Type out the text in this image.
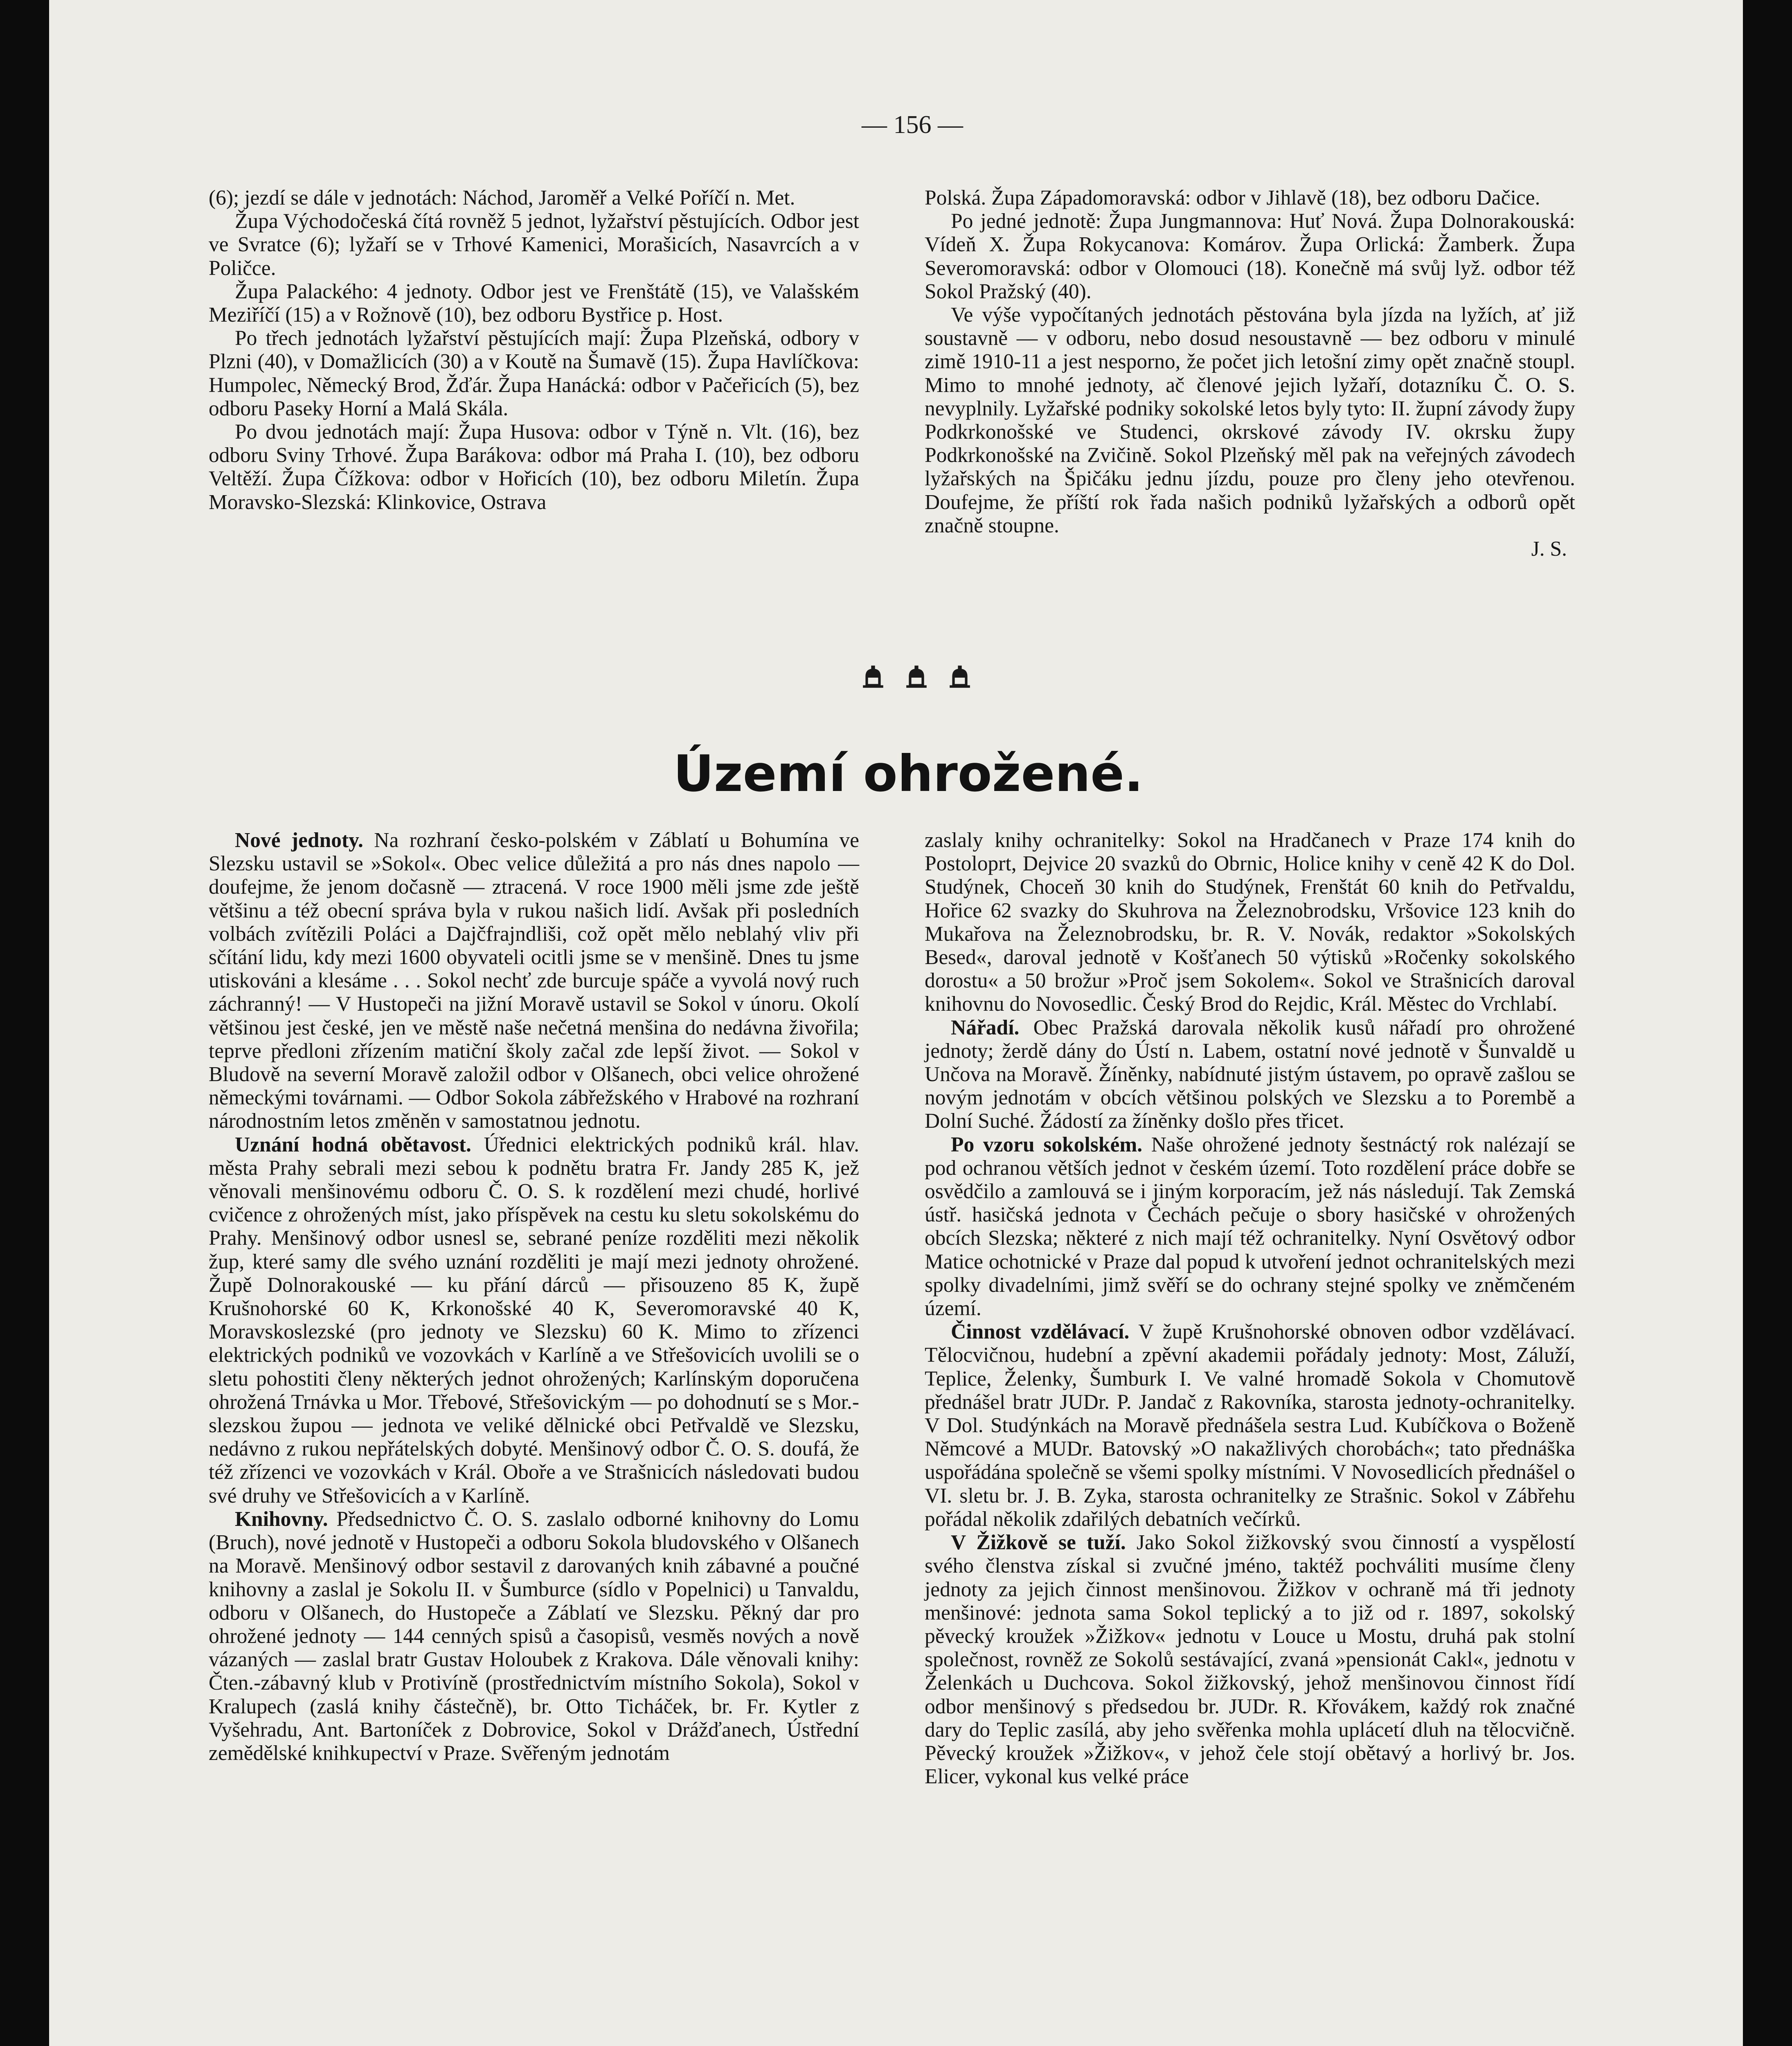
— 156 —

(6); jezdí se dále v jednotách: Náchod, Jaroměř a Velké Poříčí n. Met.

Župa Východočeská čítá rovněž 5 jednot, lyžařství pěstujících. Odbor jest ve Svratce (6); lyžaří se v Trhové Kamenici, Morašicích, Nasavrcích a v Poličce.

Župa Palackého: 4 jednoty. Odbor jest ve Frenštátě (15), ve Valašském Meziříčí (15) a v Rožnově (10), bez odboru Bystřice p. Host.

Po třech jednotách lyžařství pěstujících mají: Župa Plzeňská, odbory v Plzni (40), v Domažlicích (30) a v Koutě na Šumavě (15). Župa Havlíčkova: Humpolec, Německý Brod, Žďár. Župa Hanácká: odbor v Pačeřicích (5), bez odboru Paseky Horní a Malá Skála.

Po dvou jednotách mají: Župa Husova: odbor v Týně n. Vlt. (16), bez odboru Sviny Trhové. Župa Barákova: odbor má Praha I. (10), bez odboru Veltěží. Župa Čížkova: odbor v Hořicích (10), bez odboru Miletín. Župa Moravsko-Slezská: Klinkovice, Ostrava

Polská. Župa Západomoravská: odbor v Jihlavě (18), bez odboru Dačice.

Po jedné jednotě: Župa Jungmannova: Huť Nová. Župa Dolnorakouská: Vídeň X. Župa Rokycanova: Komárov. Župa Orlická: Žamberk. Župa Severomoravská: odbor v Olomouci (18). Konečně má svůj lyž. odbor též Sokol Pražský (40).

Ve výše vypočítaných jednotách pěstována byla jízda na lyžích, ať již soustavně — v odboru, nebo dosud nesoustavně — bez odboru v minulé zimě 1910-11 a jest nesporno, že počet jich letošní zimy opět značně stoupl. Mimo to mnohé jednoty, ač členové jejich lyžaří, dotazníku Č. O. S. nevyplnily. Lyžařské podniky sokolské letos byly tyto: II. župní závody župy Podkrkonošské ve Studenci, okrskové závody IV. okrsku župy Podkrkonošské na Zvičině. Sokol Plzeňský měl pak na veřejných závodech lyžařských na Špičáku jednu jízdu, pouze pro členy jeho otevřenou. Doufejme, že příští rok řada našich podniků lyžařských a odborů opět značně stoupne.

J. S.
Území ohrožené.

Nové jednoty. Na rozhraní česko-polském v Záblatí u Bohumína ve Slezsku ustavil se »Sokol«. Obec velice důležitá a pro nás dnes napolo — doufejme, že jenom dočasně — ztracená. V roce 1900 měli jsme zde ještě většinu a též obecní správa byla v rukou našich lidí. Avšak při posledních volbách zvítězili Poláci a Dajčfrajndliši, což opět mělo neblahý vliv při sčítání lidu, kdy mezi 1600 obyvateli ocitli jsme se v menšině. Dnes tu jsme utiskováni a klesáme . . . Sokol nechť zde burcuje spáče a vyvolá nový ruch záchranný! — V Hustopeči na jižní Moravě ustavil se Sokol v únoru. Okolí většinou jest české, jen ve městě naše nečetná menšina do nedávna živořila; teprve předloni zřízením matiční školy začal zde lepší život. — Sokol v Bludově na severní Moravě založil odbor v Olšanech, obci velice ohrožené německými továrnami. — Odbor Sokola zábřežského v Hrabové na rozhraní národnostním letos změněn v samostatnou jednotu.

Uznání hodná obětavost. Úřednici elektrických podniků král. hlav. města Prahy sebrali mezi sebou k podnětu bratra Fr. Jandy 285 K, jež věnovali menšinovému odboru Č. O. S. k rozdělení mezi chudé, horlivé cvičence z ohrožených míst, jako příspěvek na cestu ku sletu sokolskému do Prahy. Menšinový odbor usnesl se, sebrané peníze rozděliti mezi několik žup, které samy dle svého uznání rozděliti je mají mezi jednoty ohrožené. Župě Dolnorakouské — ku přání dárců — přisouzeno 85 K, župě Krušnohorské 60 K, Krkonošské 40 K, Severomoravské 40 K, Moravskoslezské (pro jednoty ve Slezsku) 60 K. Mimo to zřízenci elektrických podniků ve vozovkách v Karlíně a ve Střešovicích uvolili se o sletu pohostiti členy některých jednot ohrožených; Karlínským doporučena ohrožená Trnávka u Mor. Třebové, Střešovickým — po dohodnutí se s Mor.-slezskou župou — jednota ve veliké dělnické obci Petřvaldě ve Slezsku, nedávno z rukou nepřátelských dobyté. Menšinový odbor Č. O. S. doufá, že též zřízenci ve vozovkách v Král. Oboře a ve Strašnicích následovati budou své druhy ve Střešovicích a v Karlíně.

Knihovny. Předsednictvo Č. O. S. zaslalo odborné knihovny do Lomu (Bruch), nové jednotě v Hustopeči a odboru Sokola bludovského v Olšanech na Moravě. Menšinový odbor sestavil z darovaných knih zábavné a poučné knihovny a zaslal je Sokolu II. v Šumburce (sídlo v Popelnici) u Tanvaldu, odboru v Olšanech, do Hustopeče a Záblatí ve Slezsku. Pěkný dar pro ohrožené jednoty — 144 cenných spisů a časopisů, vesměs nových a nově vázaných — zaslal bratr Gustav Holoubek z Krakova. Dále věnovali knihy: Čten.-zábavný klub v Protivíně (prostřednictvím místního Sokola), Sokol v Kralupech (zaslá knihy částečně), br. Otto Ticháček, br. Fr. Kytler z Vyšehradu, Ant. Bartoníček z Dobrovice, Sokol v Drážďanech, Ústřední zemědělské knihkupectví v Praze. Svěřeným jednotám

zaslaly knihy ochranitelky: Sokol na Hradčanech v Praze 174 knih do Postoloprt, Dejvice 20 svazků do Obrnic, Holice knihy v ceně 42 K do Dol. Studýnek, Choceň 30 knih do Studýnek, Frenštát 60 knih do Petřvaldu, Hořice 62 svazky do Skuhrova na Železnobrodsku, Vršovice 123 knih do Mukařova na Železnobrodsku, br. R. V. Novák, redaktor »Sokolských Besed«, daroval jednotě v Košťanech 50 výtisků »Ročenky sokolského dorostu« a 50 brožur »Proč jsem Sokolem«. Sokol ve Strašnicích daroval knihovnu do Novosedlic. Český Brod do Rejdic, Král. Městec do Vrchlabí.

Nářadí. Obec Pražská darovala několik kusů nářadí pro ohrožené jednoty; žerdě dány do Ústí n. Labem, ostatní nové jednotě v Šunvaldě u Unčova na Moravě. Žíněnky, nabídnuté jistým ústavem, po opravě zašlou se novým jednotám v obcích většinou polských ve Slezsku a to Porembě a Dolní Suché. Žádostí za žíněnky došlo přes třicet.

Po vzoru sokolském. Naše ohrožené jednoty šestnáctý rok nalézají se pod ochranou větších jednot v českém území. Toto rozdělení práce dobře se osvědčilo a zamlouvá se i jiným korporacím, jež nás následují. Tak Zemská ústř. hasičská jednota v Čechách pečuje o sbory hasičské v ohrožených obcích Slezska; některé z nich mají též ochranitelky. Nyní Osvětový odbor Matice ochotnické v Praze dal popud k utvoření jednot ochranitelských mezi spolky divadelními, jimž svěří se do ochrany stejné spolky ve zněmčeném území.

Činnost vzdělávací. V župě Krušnohorské obnoven odbor vzdělávací. Tělocvičnou, hudební a zpěvní akademii pořádaly jednoty: Most, Záluží, Teplice, Želenky, Šumburk I. Ve valné hromadě Sokola v Chomutově přednášel bratr JUDr. P. Jandač z Rakovníka, starosta jednoty-ochranitelky. V Dol. Studýnkách na Moravě přednášela sestra Lud. Kubíčkova o Boženě Němcové a MUDr. Batovský »O nakažlivých chorobách«; tato přednáška uspořádána společně se všemi spolky místními. V Novosedlicích přednášel o VI. sletu br. J. B. Zyka, starosta ochranitelky ze Strašnic. Sokol v Zábřehu pořádal několik zdařilých debatních večírků.

V Žižkově se tuží. Jako Sokol žižkovský svou činností a vyspělostí svého členstva získal si zvučné jméno, taktéž pochváliti musíme členy jednoty za jejich činnost menšinovou. Žižkov v ochraně má tři jednoty menšinové: jednota sama Sokol teplický a to již od r. 1897, sokolský pěvecký kroužek »Žižkov« jednotu v Louce u Mostu, druhá pak stolní společnost, rovněž ze Sokolů sestávající, zvaná »pensionát Cakl«, jednotu v Želenkách u Duchcova. Sokol žižkovský, jehož menšinovou činnost řídí odbor menšinový s předsedou br. JUDr. R. Křovákem, každý rok značné dary do Teplic zasílá, aby jeho svěřenka mohla uplácetí dluh na tělocvičně. Pěvecký kroužek »Žižkov«, v jehož čele stojí obětavý a horlivý br. Jos. Elicer, vykonal kus velké práce
